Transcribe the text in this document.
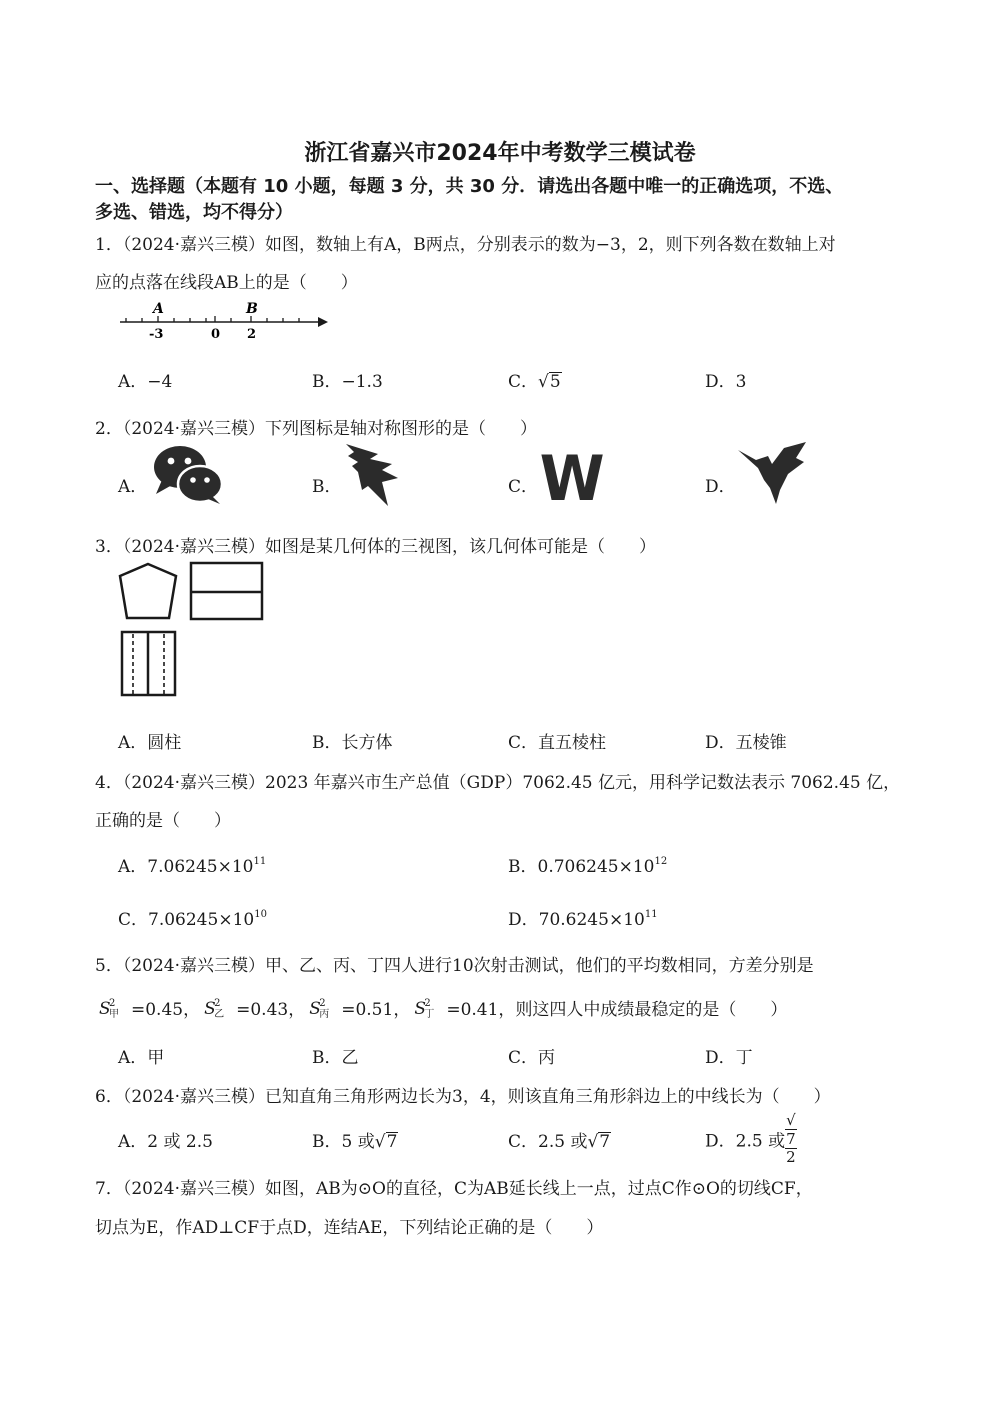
浙江省嘉兴市2024年中考数学三模试卷
一、选择题（本题有 10 小题，每题 3 分，共 30 分．请选出各题中唯一的正确选项，不选、
多选、错选，均不得分）
1．（2024·嘉兴三模）如图，数轴上有A，B两点，分别表示的数为−3，2，则下列各数在数轴上对
应的点落在线段AB上的是（　　）
A	B
-3	0 2
A．−4	B．−1.3	C．√5	D．3
2．（2024·嘉兴三模）下列图标是轴对称图形的是（　　）
A．	B．	C． W	D．
3．（2024·嘉兴三模）如图是某几何体的三视图，该几何体可能是（　　）
A．圆柱	B．长方体	C．直五棱柱	D．五棱锥
4．（2024·嘉兴三模）2023 年嘉兴市生产总值（GDP）7062.45 亿元，用科学记数法表示 7062.45 亿，
正确的是（　　）
A．$7.06245\times 10^{11}$	B．$0.706245\times 10^{12}$
C．$7.06245\times 10^{10}$	D．$70.6245\times 10^{11}$
5．（2024·嘉兴三模）甲、乙、丙、丁四人进行10次射击测试，他们的平均数相同，方差分别是
S
2
甲 =0.45， S
2
乙 =0.43， S
2
丙 =0.51， S
2
丁 =0.41，则这四人中成绩最稳定的是（　　）
A．甲	B．乙	C．丙	D．丁
6．（2024·嘉兴三模）已知直角三角形两边长为3，4，则该直角三角形斜边上的中线长为（　　）
A．2 或 2.5	B．5 或√7	C．2.5 或√7	D．2.5 或 √
7
2
7．（2024·嘉兴三模）如图，AB为⊙O的直径，C为AB延长线上一点，过点C作⊙O的切线CF，
切点为E，作AD⊥CF于点D，连结AE，下列结论正确的是（　　）
